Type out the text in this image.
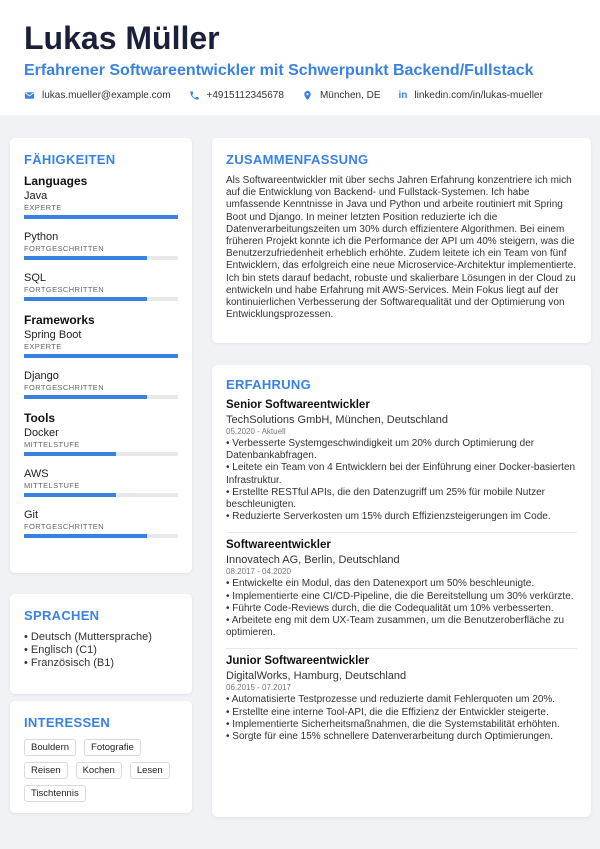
Lukas Müller
Erfahrener Softwareentwickler mit Schwerpunkt Backend/Fullstack
lukas.mueller@example.com	+4915112345678	München, DE in linkedin.com/in/lukas-mueller
FÄHIGKEITEN
Languages
Java
EXPERTE
Python
FORTGESCHRITTEN
SQL
FORTGESCHRITTEN
Frameworks
Spring Boot
EXPERTE
Django
FORTGESCHRITTEN
Tools
Docker
MITTELSTUFE
AWS
MITTELSTUFE
Git
FORTGESCHRITTEN
SPRACHEN
• Deutsch (Muttersprache)
• Englisch (C1)
• Französisch (B1)
INTERESSEN
Bouldern	Fotografie
Reisen	Kochen	Lesen
Tischtennis
ZUSAMMENFASSUNG

Als Softwareentwickler mit über sechs Jahren Erfahrung konzentriere ich mich auf die Entwicklung von Backend- und Fullstack-Systemen. Ich habe umfassende Kenntnisse in Java und Python und arbeite routiniert mit Spring Boot und Django. In meiner letzten Position reduzierte ich die Datenverarbeitungszeiten um 30% durch effizientere Algorithmen. Bei einem früheren Projekt konnte ich die Performance der API um 40% steigern, was die Benutzerzufriedenheit erheblich erhöhte. Zudem leitete ich ein Team von fünf Entwicklern, das erfolgreich eine neue Microservice-Architektur implementierte. Ich bin stets darauf bedacht, robuste und skalierbare Lösungen in der Cloud zu entwickeln und habe Erfahrung mit AWS-Services. Mein Fokus liegt auf der kontinuierlichen Verbesserung der Softwarequalität und der Optimierung von Entwicklungsprozessen.

ERFAHRUNG
Senior Softwareentwickler
TechSolutions GmbH, München, Deutschland
05.2020 - Aktuell
• Verbesserte Systemgeschwindigkeit um 20% durch Optimierung der Datenbankabfragen.
• Leitete ein Team von 4 Entwicklern bei der Einführung einer Docker-basierten Infrastruktur.
• Erstellte RESTful APIs, die den Datenzugriff um 25% für mobile Nutzer beschleunigten.
• Reduzierte Serverkosten um 15% durch Effizienzsteigerungen im Code.
Softwareentwickler
Innovatech AG, Berlin, Deutschland
08.2017 - 04.2020
• Entwickelte ein Modul, das den Datenexport um 50% beschleunigte.
• Implementierte eine CI/CD-Pipeline, die die Bereitstellung um 30% verkürzte.
• Führte Code-Reviews durch, die die Codequalität um 10% verbesserten.
• Arbeitete eng mit dem UX-Team zusammen, um die Benutzeroberfläche zu optimieren.
Junior Softwareentwickler
DigitalWorks, Hamburg, Deutschland
06.2015 - 07.2017
• Automatisierte Testprozesse und reduzierte damit Fehlerquoten um 20%.
• Erstellte eine interne Tool-API, die die Effizienz der Entwickler steigerte.
• Implementierte Sicherheitsmaßnahmen, die die Systemstabilität erhöhten.
• Sorgte für eine 15% schnellere Datenverarbeitung durch Optimierungen.
